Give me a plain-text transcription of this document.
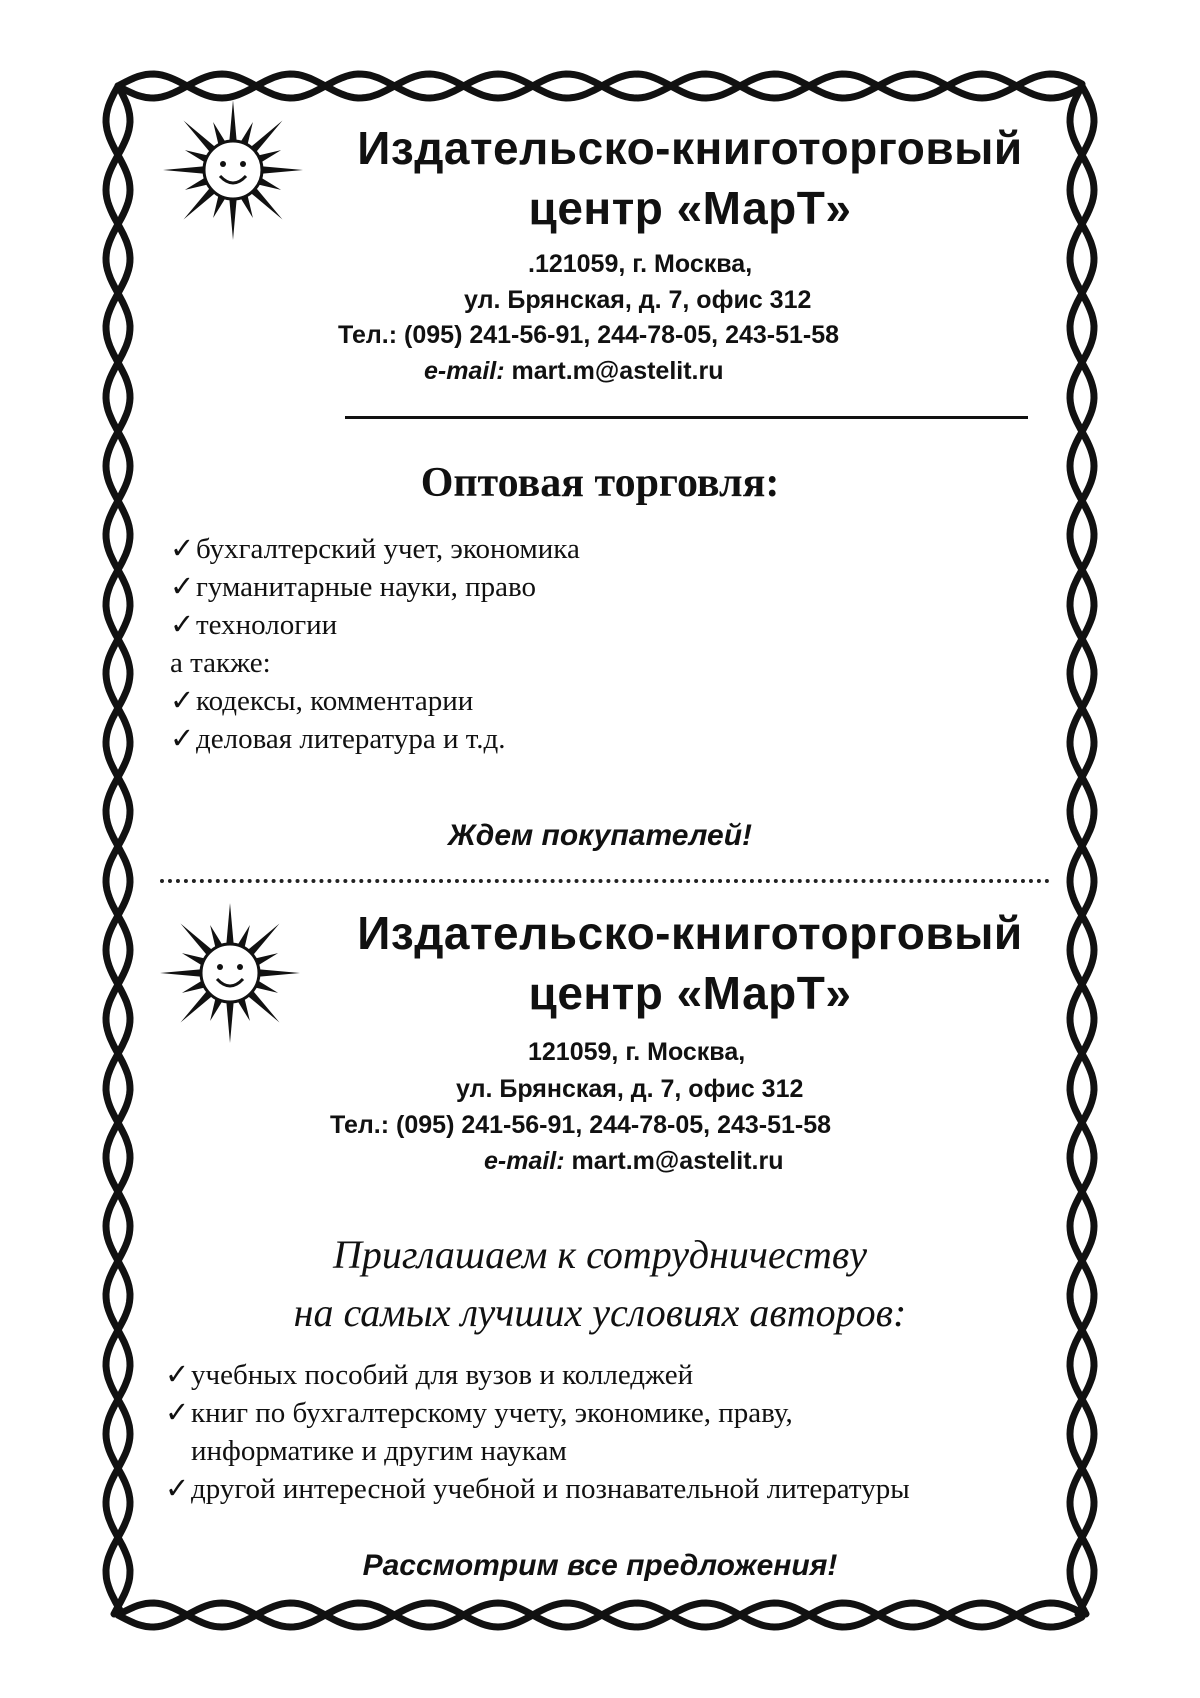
Издательско-книготорговый
центр «МарТ»
.121059, г. Москва,
ул. Брянская, д. 7, офис 312
Тел.: (095) 241-56-91, 244-78-05, 243-51-58
e-mail: mart.m@astelit.ru
Оптовая торговля:
✓бухгалтерский учет, экономика
✓гуманитарные науки, право
✓технологии
а также:
✓кодексы, комментарии
✓деловая литература и т.д.
Ждем покупателей!
Издательско-книготорговый
центр «МарТ»
121059, г. Москва,
ул. Брянская, д. 7, офис 312
Тел.: (095) 241-56-91, 244-78-05, 243-51-58
e-mail: mart.m@astelit.ru
Приглашаем к сотрудничеству
на самых лучших условиях авторов:
✓учебных пособий для вузов и колледжей
✓книг по бухгалтерскому учету, экономике, праву,
информатике и другим наукам
✓другой интересной учебной и познавательной литературы
Рассмотрим все предложения!
